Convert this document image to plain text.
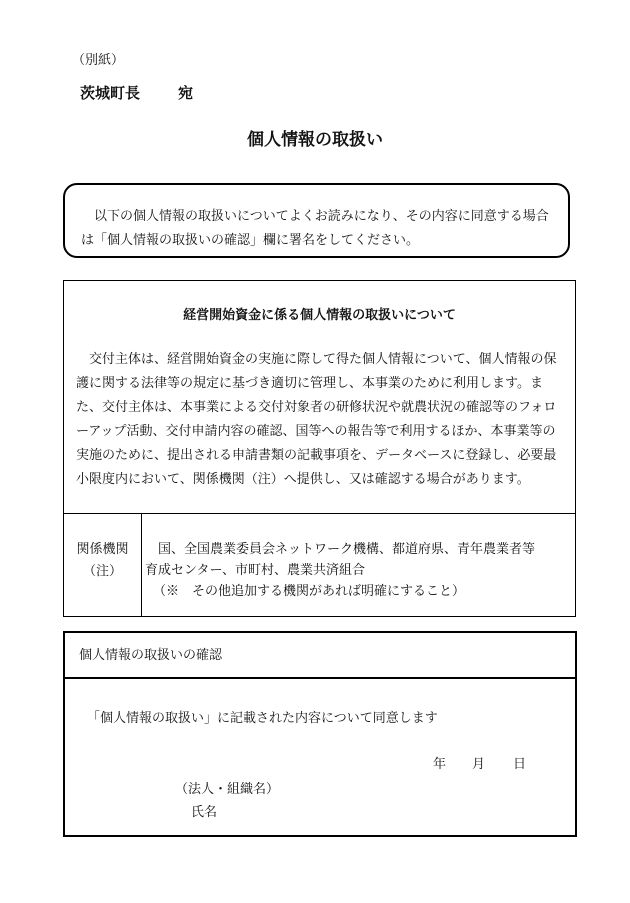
（別紙）
茨城町長	宛
個人情報の取扱い

以下の個人情報の取扱いについてよくお読みになり、その内容に同意する場合は「個人情報の取扱いの確認」欄に署名をしてください。

経営開始資金に係る個人情報の取扱いについて

交付主体は、経営開始資金の実施に際して得た個人情報について、個人情報の保護に関する法律等の規定に基づき適切に管理し、本事業のために利用します。また、交付主体は、本事業による交付対象者の研修状況や就農状況の確認等のフォローアップ活動、交付申請内容の確認、国等への報告等で利用するほか、本事業等の実施のために、提出される申請書類の記載事項を、データベースに登録し、必要最小限度内において、関係機関（注）へ提供し、又は確認する場合があります。

関係機関
（注）
国、全国農業委員会ネットワーク機構、都道府県、青年農業者等
育成センター、市町村、農業共済組合
（※　その他追加する機関があれば明確にすること）
個人情報の取扱いの確認
「個人情報の取扱い」に記載された内容について同意します
年 月 日
（法人・組織名）
氏名
